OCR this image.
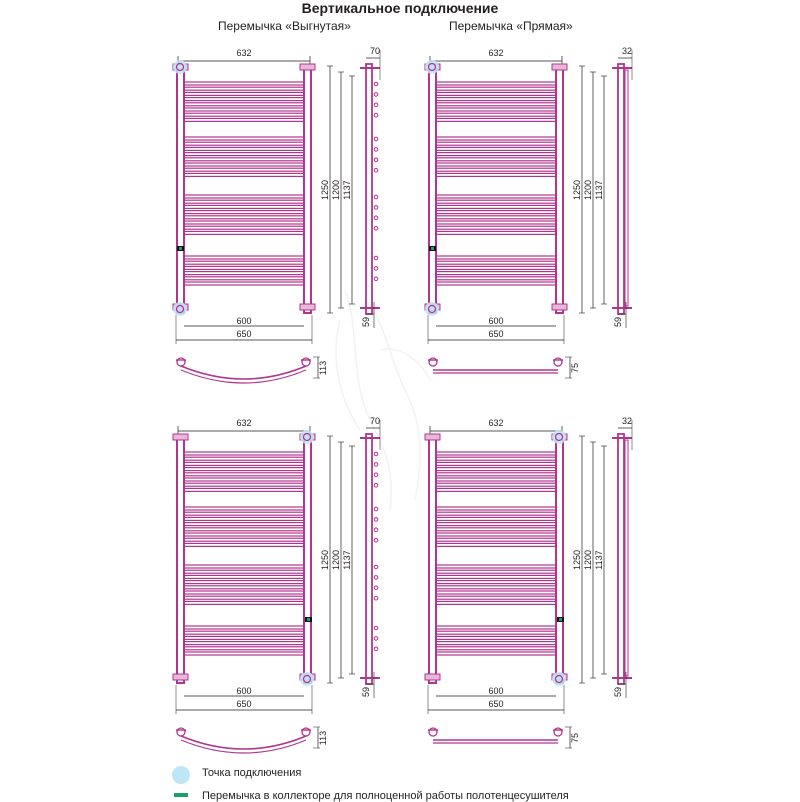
Вертикальное подключение
Перемычка «Выгнутая»	Перемычка «Прямая»
632
600
650
1250 1200 1137
70
59
113
632
600
650
1250 1200 1137
32
59
75
632
600
650
1250 1200 1137
70
59
113
632
600
650
1250 1200 1137
32
59
75
Точка подключения
Перемычка в коллекторе для полноценной работы полотенцесушителя
